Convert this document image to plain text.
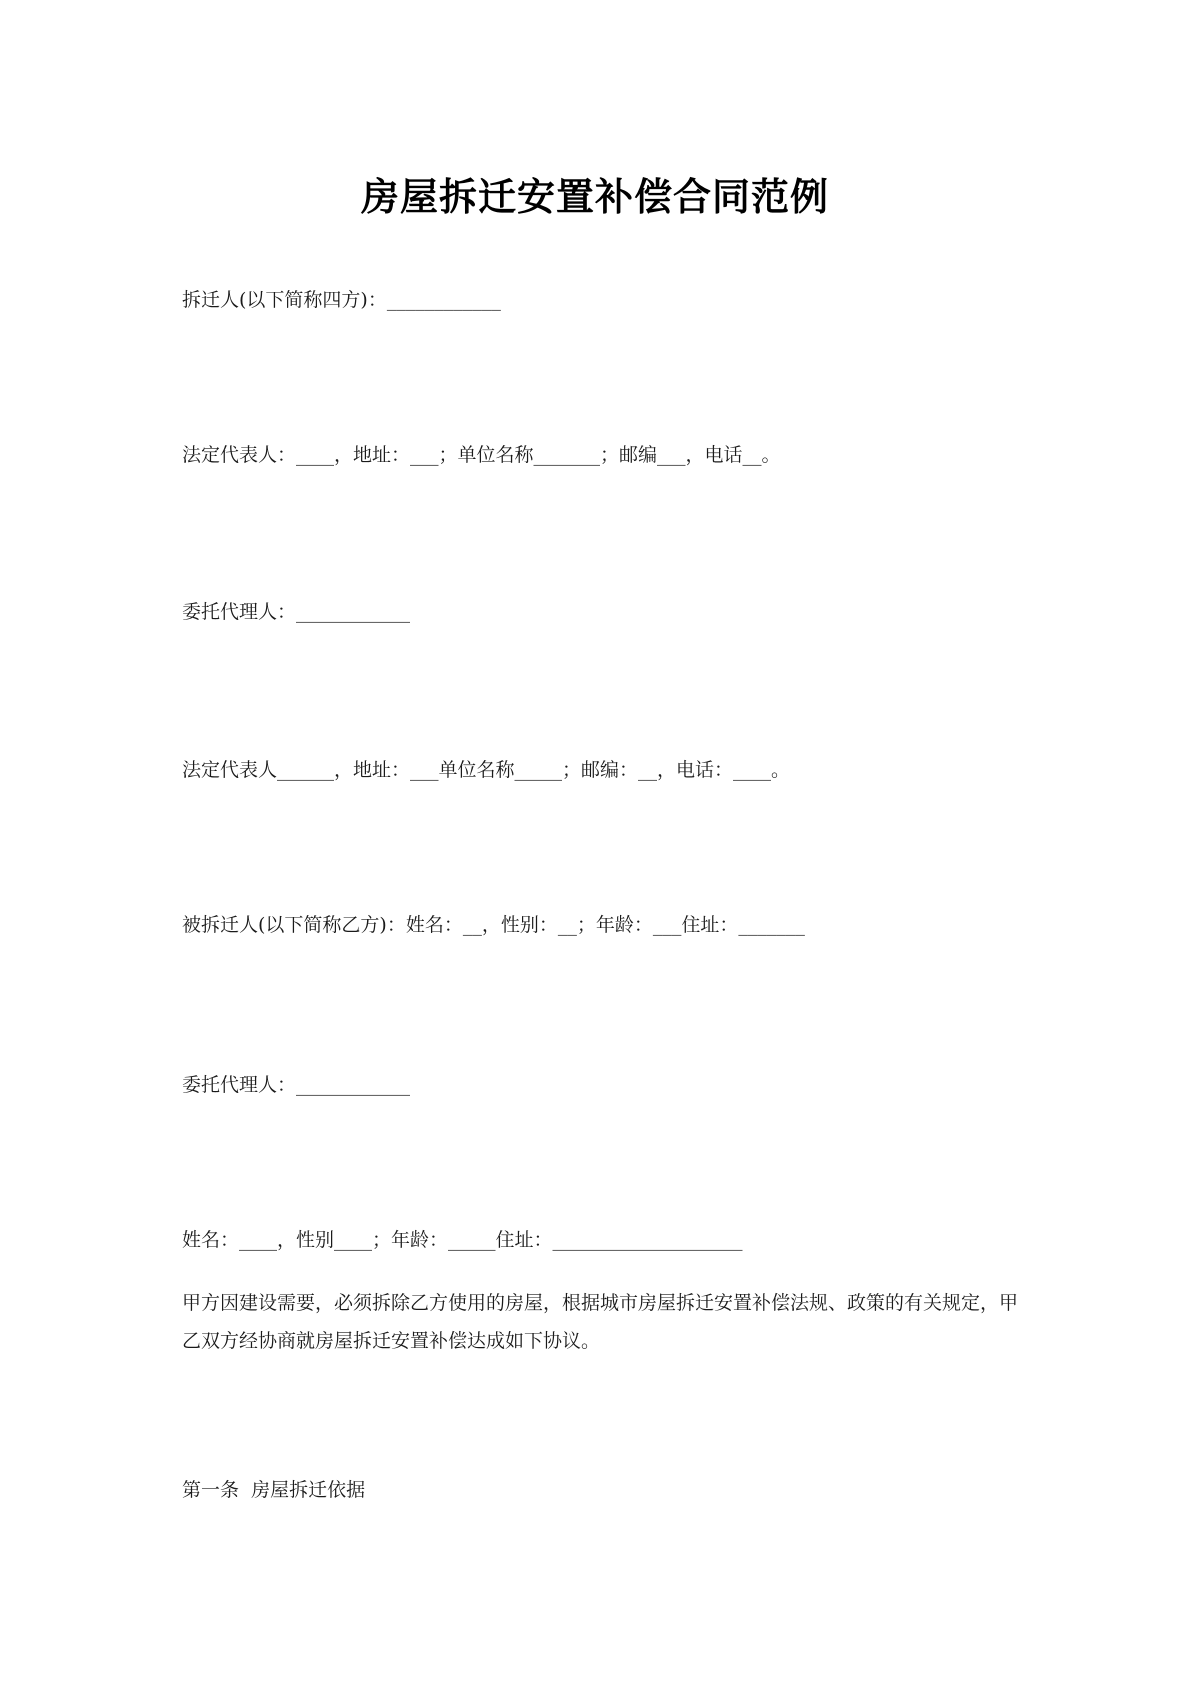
房屋拆迁安置补偿合同范例
拆迁人(以下简称四方)：____________
法定代表人：____，地址：___；单位名称_______；邮编___，电话__。
委托代理人：____________
法定代表人______，地址：___单位名称_____；邮编：__，电话：____。
被拆迁人(以下简称乙方)：姓名：__，性别：__；年龄：___住址：_______
委托代理人：____________
姓名：____，性别____；年龄：_____住址：____________________
甲方因建设需要，必须拆除乙方使用的房屋，根据城市房屋拆迁安置补偿法规、政策的有关规定，甲乙双方经协商就房屋拆迁安置补偿达成如下协议。
第一条  房屋拆迁依据
